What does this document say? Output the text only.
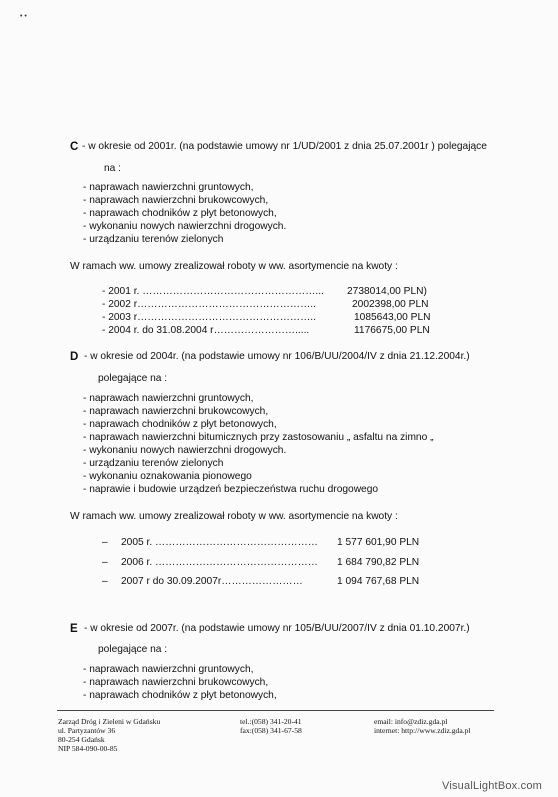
• •
C - w okresie od 2001r. (na podstawie umowy nr 1/UD/2001 z dnia 25.07.2001r ) polegające
na :
- naprawach nawierzchni gruntowych,
- naprawach nawierzchni brukowcowych,
- naprawach chodników z płyt betonowych,
- wykonaniu nowych nawierzchni drogowych.
- urządzaniu terenów zielonych
W ramach ww. umowy zrealizował roboty w ww. asortymencie na kwoty :
- 2001 r. ……………………………………………... 2738014,00 PLN)
- 2002 r……………………………………………..	2002398,00 PLN
- 2003 r……………………………………………..	1085643,00 PLN
- 2004 r. do 31.08.2004 r…………………….....	1176675,00 PLN
D - w okresie od 2004r. (na podstawie umowy nr 106/B/UU/2004/IV z dnia 21.12.2004r.)
polegające na :
- naprawach nawierzchni gruntowych,
- naprawach nawierzchni brukowcowych,
- naprawach chodników z płyt betonowych,
- naprawach nawierzchni bitumicznych przy zastosowaniu „ asfaltu na zimno „
- wykonaniu nowych nawierzchni drogowych.
- urządzaniu terenów zielonych
- wykonaniu oznakowania pionowego
- naprawie i budowie urządzeń bezpieczeństwa ruchu drogowego
W ramach ww. umowy zrealizował roboty w ww. asortymencie na kwoty :
– 2005 r. ………………………………………… 1 577 601,90 PLN
– 2006 r. ………………………………………… 1 684 790,82 PLN
– 2007 r do 30.09.2007r……………………	1 094 767,68 PLN
E - w okresie od 2007r. (na podstawie umowy nr 105/B/UU/2007/IV z dnia 01.10.2007r.)
polegające na :
- naprawach nawierzchni gruntowych,
- naprawach nawierzchni brukowcowych,
- naprawach chodników z płyt betonowych,
Zarząd Dróg i Zieleni w Gdańsku
ul. Partyzantów 36
80-254 Gdańsk
NIP 584-090-00-85
tel.:(058) 341-20-41
fax:(058) 341-67-58
email: info@zdiz.gda.pl
internet: http://www.zdiz.gda.pl
VisualLightBox.com
